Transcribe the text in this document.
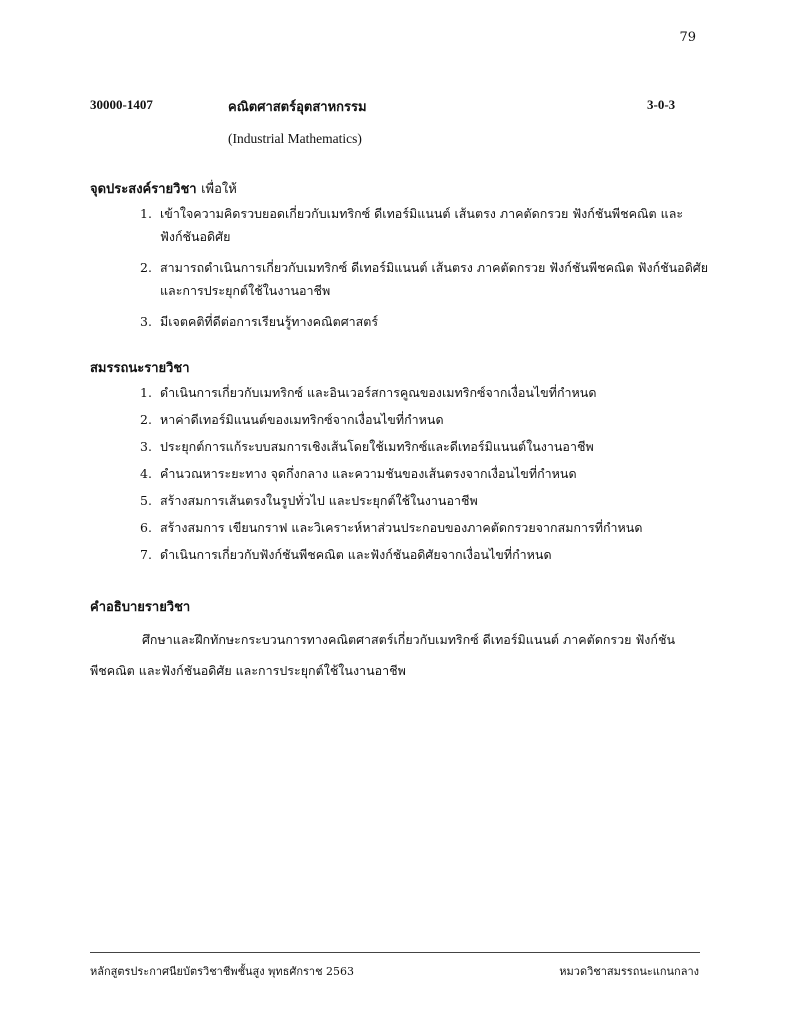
79
30000-1407	คณิตศาสตร์อุตสาหกรรม	3-0-3
(Industrial Mathematics)
จุดประสงค์รายวิชา เพื่อให้
1. เข้าใจความคิดรวบยอดเกี่ยวกับเมทริกซ์ ดีเทอร์มิแนนต์ เส้นตรง ภาคตัดกรวย ฟังก์ชันพีชคณิต และฟังก์ชันอดิศัย
2. สามารถดำเนินการเกี่ยวกับเมทริกซ์ ดีเทอร์มิแนนต์ เส้นตรง ภาคตัดกรวย ฟังก์ชันพีชคณิต ฟังก์ชันอดิศัย และการประยุกต์ใช้ในงานอาชีพ
3. มีเจตคติที่ดีต่อการเรียนรู้ทางคณิตศาสตร์
สมรรถนะรายวิชา
1. ดำเนินการเกี่ยวกับเมทริกซ์ และอินเวอร์สการคูณของเมทริกซ์จากเงื่อนไขที่กำหนด
2. หาค่าดีเทอร์มิแนนต์ของเมทริกซ์จากเงื่อนไขที่กำหนด
3. ประยุกต์การแก้ระบบสมการเชิงเส้นโดยใช้เมทริกซ์และดีเทอร์มิแนนต์ในงานอาชีพ
4. คำนวณหาระยะทาง จุดกึ่งกลาง และความชันของเส้นตรงจากเงื่อนไขที่กำหนด
5. สร้างสมการเส้นตรงในรูปทั่วไป และประยุกต์ใช้ในงานอาชีพ
6. สร้างสมการ เขียนกราฟ และวิเคราะห์หาส่วนประกอบของภาคตัดกรวยจากสมการที่กำหนด
7. ดำเนินการเกี่ยวกับฟังก์ชันพีชคณิต และฟังก์ชันอดิศัยจากเงื่อนไขที่กำหนด
คำอธิบายรายวิชา
ศึกษาและฝึกทักษะกระบวนการทางคณิตศาสตร์เกี่ยวกับเมทริกซ์ ดีเทอร์มิแนนต์ ภาคตัดกรวย ฟังก์ชันพีชคณิต และฟังก์ชันอดิศัย และการประยุกต์ใช้ในงานอาชีพ
หลักสูตรประกาศนียบัตรวิชาชีพชั้นสูง พุทธศักราช 2563	หมวดวิชาสมรรถนะแกนกลาง
